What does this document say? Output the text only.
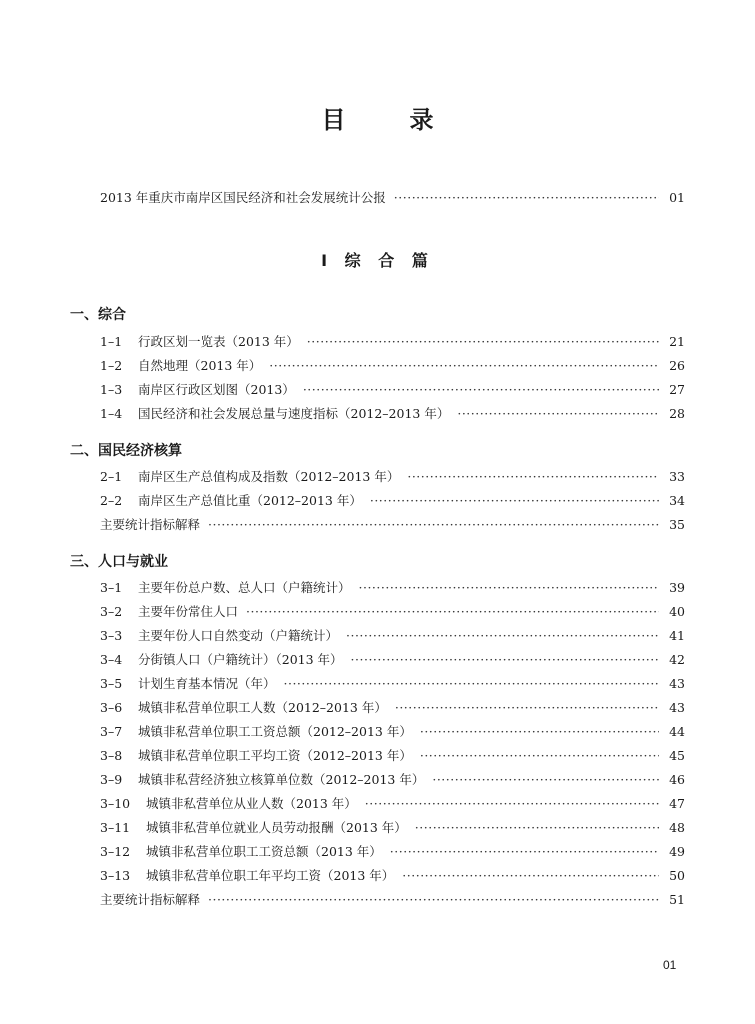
目　录
2013 年重庆市南岸区国民经济和社会发展统计公报 ·····	01
Ⅰ 综 合 篇
一、综合
1–1	行政区划一览表（2013 年） ·····	21
1–2	自然地理（2013 年） ·····	26
1–3	南岸区行政区划图（2013） ·····	27
1–4	国民经济和社会发展总量与速度指标（2012–2013 年） ·····	28
二、国民经济核算
2–1	南岸区生产总值构成及指数（2012–2013 年） ·····	33
2–2	南岸区生产总值比重（2012–2013 年） ·····	34
主要统计指标解释 ·····	35
三、人口与就业
3–1	主要年份总户数、总人口（户籍统计） ·····	39
3–2	主要年份常住人口 ·····	40
3–3	主要年份人口自然变动（户籍统计） ·····	41
3–4	分街镇人口（户籍统计）（2013 年） ·····	42
3–5	计划生育基本情况（年） ·····	43
3–6	城镇非私营单位职工人数（2012–2013 年） ·····	43
3–7	城镇非私营单位职工工资总额（2012–2013 年） ·····	44
3–8	城镇非私营单位职工平均工资（2012–2013 年） ·····	45
3–9	城镇非私营经济独立核算单位数（2012–2013 年） ·····	46
3–10	城镇非私营单位从业人数（2013 年） ·····	47
3–11	城镇非私营单位就业人员劳动报酬（2013 年） ·····	48
3–12	城镇非私营单位职工工资总额（2013 年） ·····	49
3–13	城镇非私营单位职工年平均工资（2013 年） ·····	50
主要统计指标解释 ·····	51
01
